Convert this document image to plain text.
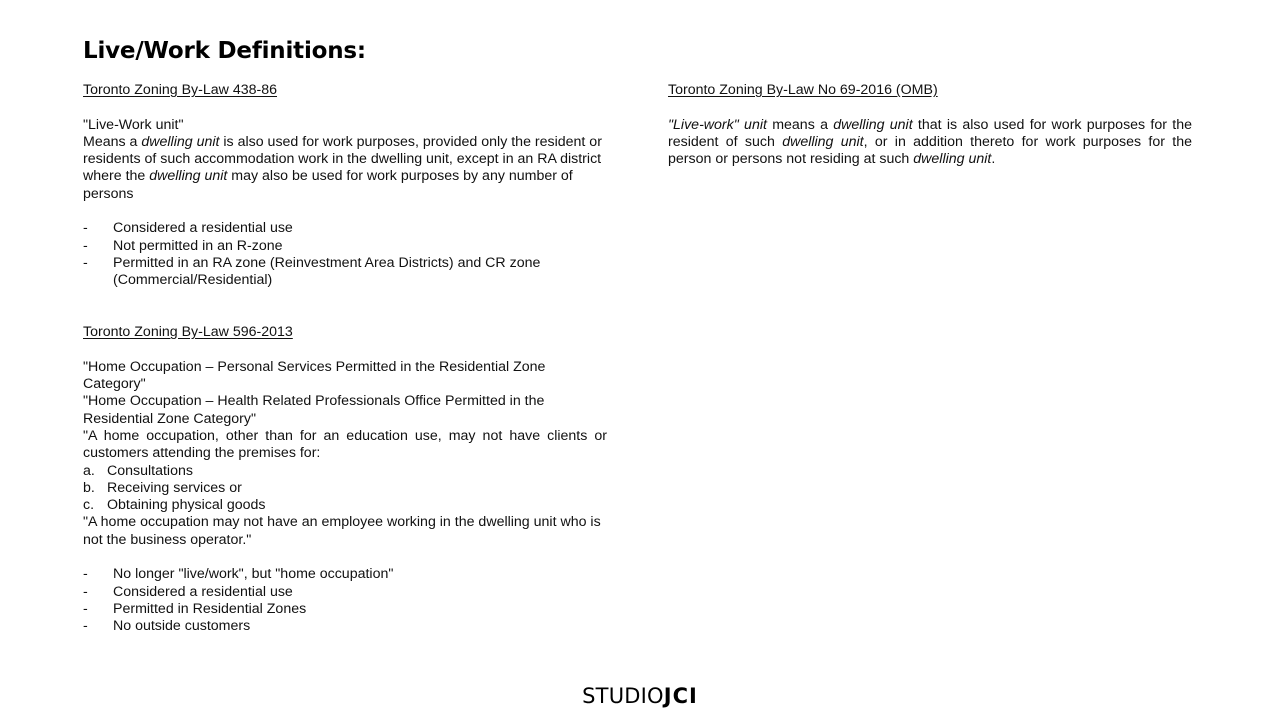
Live/Work Definitions:

Toronto Zoning By-Law 438-86

"Live-Work unit"

Means a dwelling unit is also used for work purposes, provided only the resident or residents of such accommodation work in the dwelling unit, except in an RA district where the dwelling unit may also be used for work purposes by any number of persons

- Considered a residential use
- Not permitted in an R-zone
- Permitted in an RA zone (Reinvestment Area Districts) and CR zone (Commercial/Residential)

Toronto Zoning By-Law 596-2013

"Home Occupation – Personal Services Permitted in the Residential Zone Category"

"Home Occupation – Health Related Professionals Office Permitted in the Residential Zone Category"

"A home occupation, other than for an education use, may not have clients or customers attending the premises for:

a. Consultations
b. Receiving services or
c. Obtaining physical goods

"A home occupation may not have an employee working in the dwelling unit who is not the business operator."

- No longer "live/work", but "home occupation"
- Considered a residential use
- Permitted in Residential Zones
- No outside customers

Toronto Zoning By-Law No 69-2016 (OMB)

"Live-work" unit means a dwelling unit that is also used for work purposes for the resident of such dwelling unit, or in addition thereto for work purposes for the person or persons not residing at such dwelling unit.

STUDIOJCI
